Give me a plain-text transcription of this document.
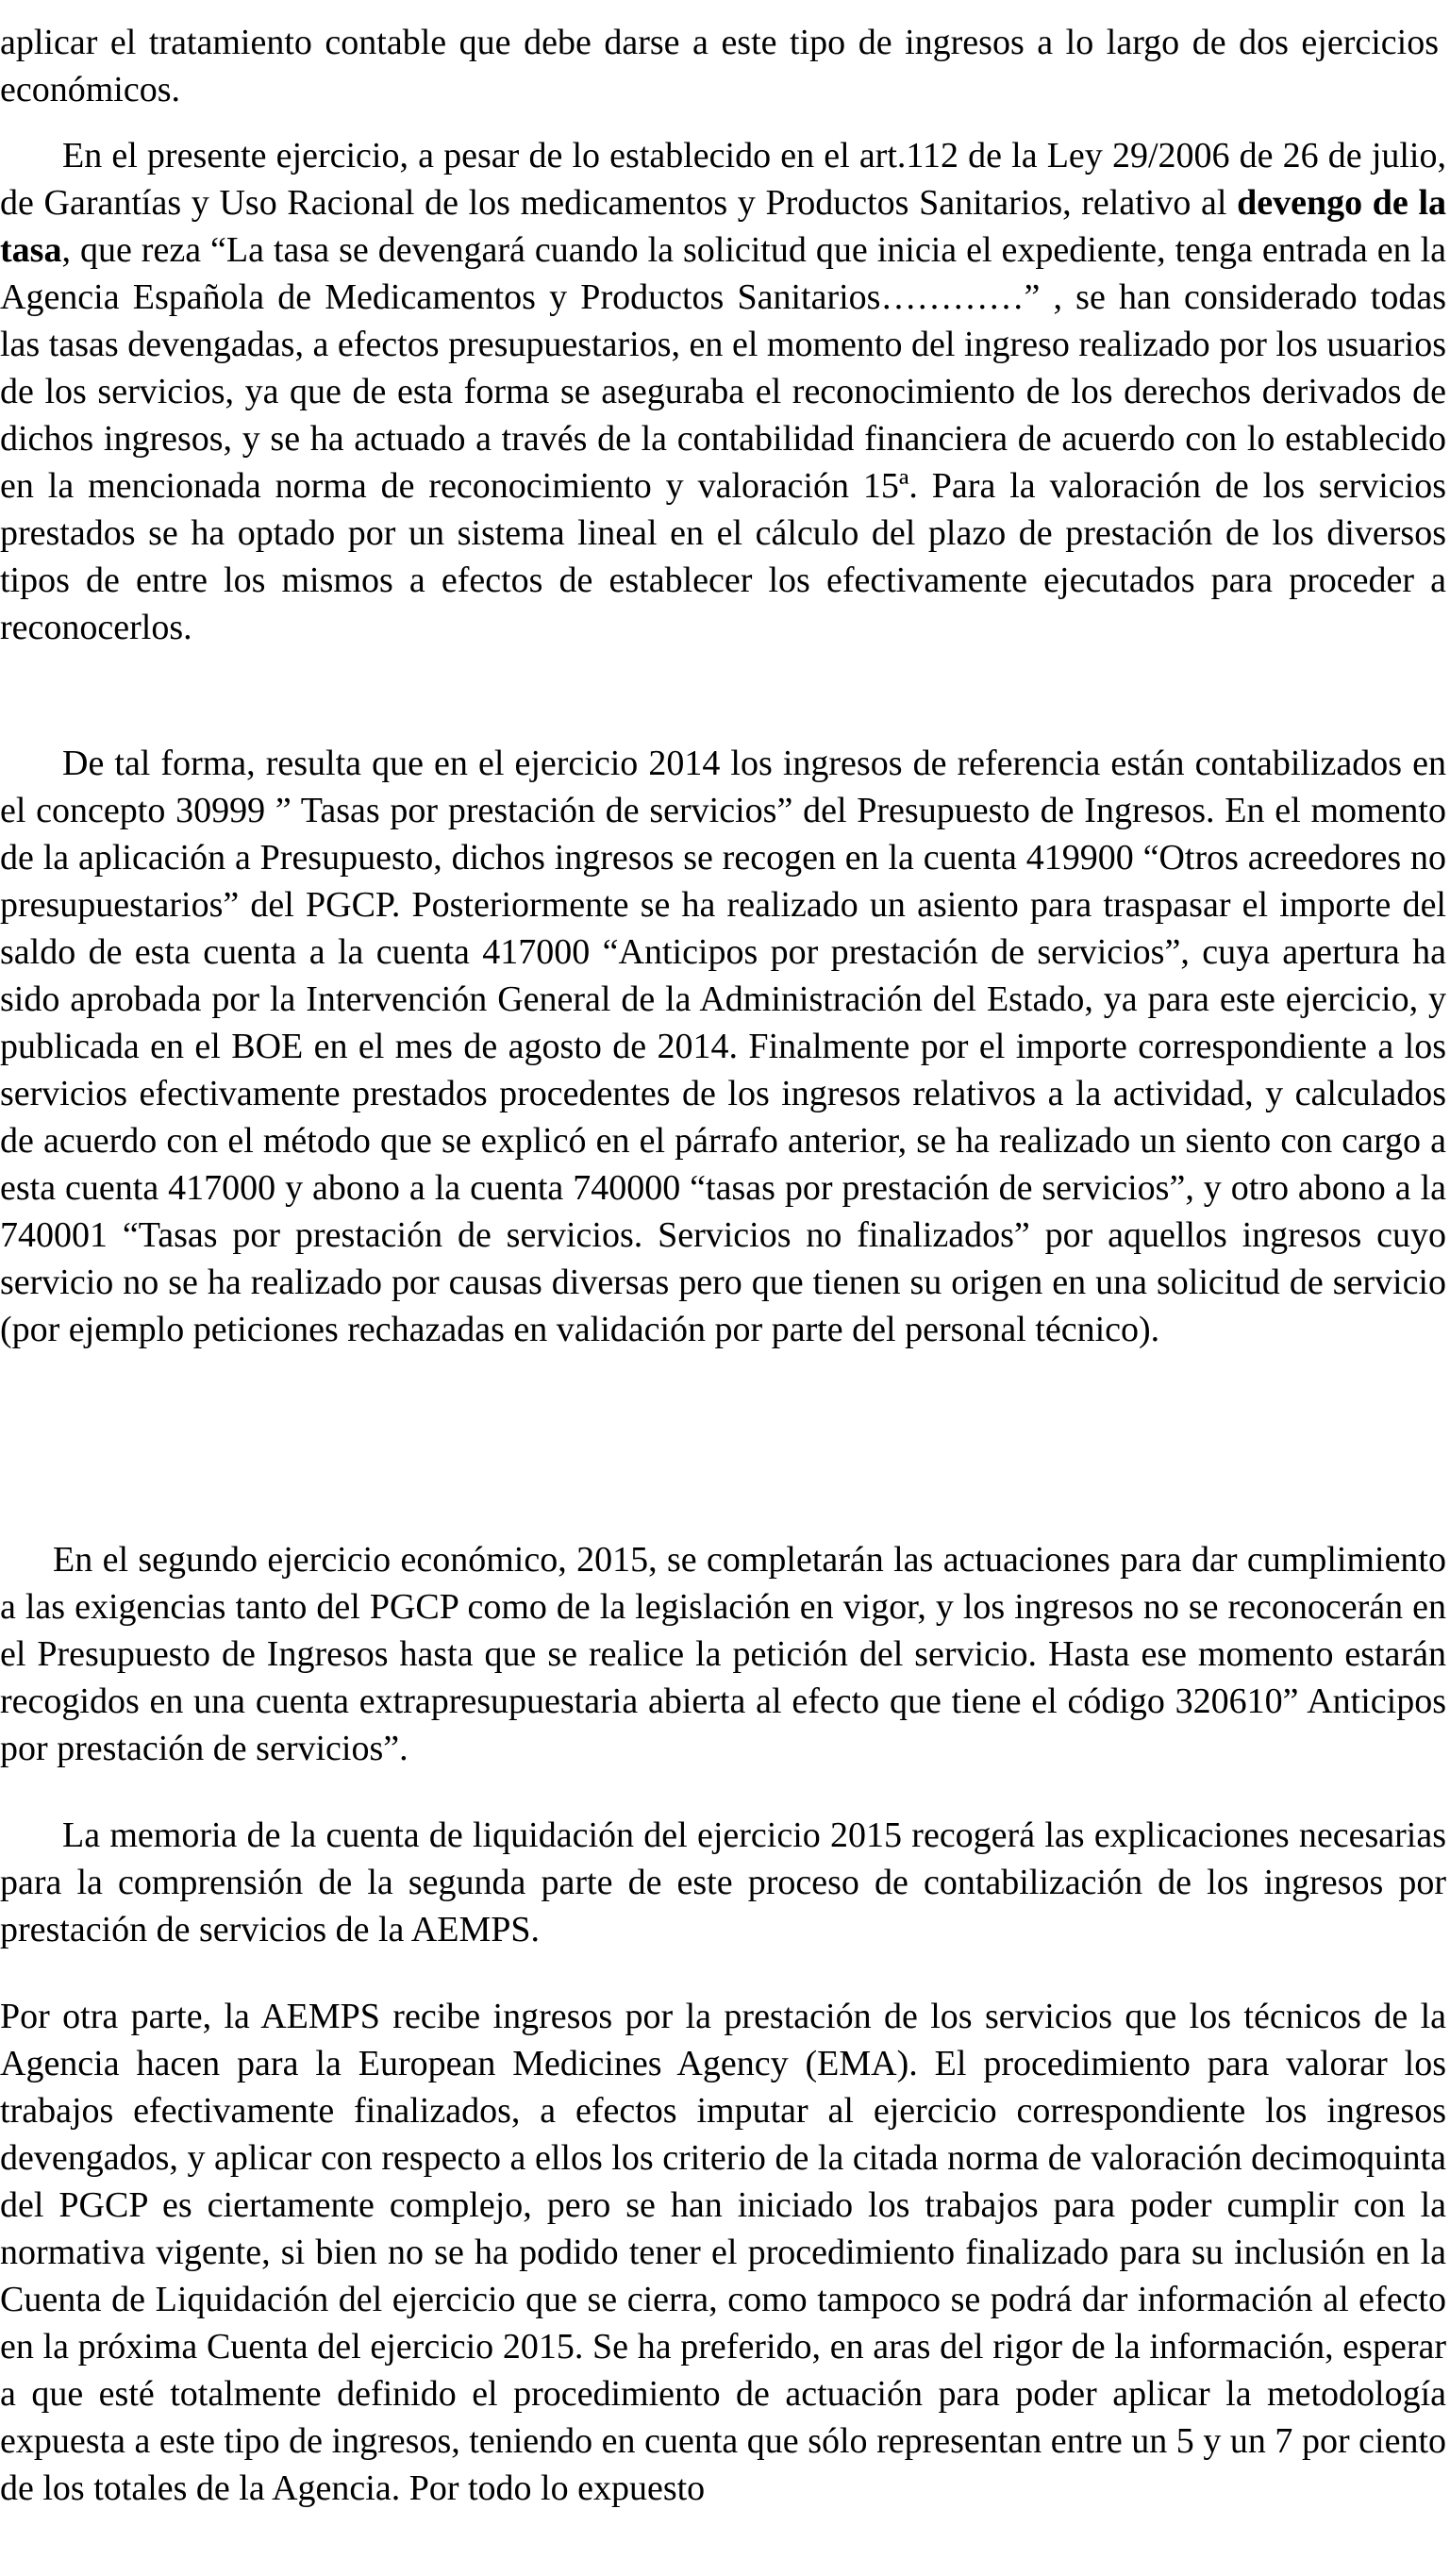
aplicar el tratamiento contable que debe darse a este tipo de ingresos a lo largo de dos ejercicios económicos.

En el presente ejercicio, a pesar de lo establecido en el art.112 de la Ley 29/2006 de 26 de julio, de Garantías y Uso Racional de los medicamentos y Productos Sanitarios, relativo al devengo de la tasa, que reza “La tasa se devengará cuando la solicitud que inicia el expediente, tenga entrada en la Agencia Española de Medicamentos y Productos Sanitarios…………” , se han considerado todas las tasas devengadas, a efectos presupuestarios, en el momento del ingreso realizado por los usuarios de los servicios, ya que de esta forma se aseguraba el reconocimiento de los derechos derivados de dichos ingresos, y se ha actuado a través de la contabilidad financiera de acuerdo con lo establecido en la mencionada norma de reconocimiento y valoración 15ª. Para la valoración de los servicios prestados se ha optado por un sistema lineal en el cálculo del plazo de prestación de los diversos tipos de entre los mismos a efectos de establecer los efectivamente ejecutados para proceder a reconocerlos.

De tal forma, resulta que en el ejercicio 2014 los ingresos de referencia están contabilizados en el concepto 30999 ” Tasas por prestación de servicios” del Presupuesto de Ingresos. En el momento de la aplicación a Presupuesto, dichos ingresos se recogen en la cuenta 419900 “Otros acreedores no presupuestarios” del PGCP. Posteriormente se ha realizado un asiento para traspasar el importe del saldo de esta cuenta a la cuenta 417000 “Anticipos por prestación de servicios”, cuya apertura ha sido aprobada por la Intervención General de la Administración del Estado, ya para este ejercicio, y publicada en el BOE en el mes de agosto de 2014. Finalmente por el importe correspondiente a los servicios efectivamente prestados procedentes de los ingresos relativos a la actividad, y calculados de acuerdo con el método que se explicó en el párrafo anterior, se ha realizado un siento con cargo a esta cuenta 417000 y abono a la cuenta 740000 “tasas por prestación de servicios”, y otro abono a la 740001 “Tasas por prestación de servicios. Servicios no finalizados” por aquellos ingresos cuyo servicio no se ha realizado por causas diversas pero que tienen su origen en una solicitud de servicio (por ejemplo peticiones rechazadas en validación por parte del personal técnico).

En el segundo ejercicio económico, 2015, se completarán las actuaciones para dar cumplimiento a las exigencias tanto del PGCP como de la legislación en vigor, y los ingresos no se reconocerán en el Presupuesto de Ingresos hasta que se realice la petición del servicio. Hasta ese momento estarán recogidos en una cuenta extrapresupuestaria abierta al efecto que tiene el código 320610” Anticipos por prestación de servicios”.

La memoria de la cuenta de liquidación del ejercicio 2015 recogerá las explicaciones necesarias para la comprensión de la segunda parte de este proceso de contabilización de los ingresos por prestación de servicios de la AEMPS.

Por otra parte, la AEMPS recibe ingresos por la prestación de los servicios que los técnicos de la Agencia hacen para la European Medicines Agency (EMA). El procedimiento para valorar los trabajos efectivamente finalizados, a efectos imputar al ejercicio correspondiente los ingresos devengados, y aplicar con respecto a ellos los criterio de la citada norma de valoración decimoquinta del PGCP es ciertamente complejo, pero se han iniciado los trabajos para poder cumplir con la normativa vigente, si bien no se ha podido tener el procedimiento finalizado para su inclusión en la Cuenta de Liquidación del ejercicio que se cierra, como tampoco se podrá dar información al efecto en la próxima Cuenta del ejercicio 2015. Se ha preferido, en aras del rigor de la información, esperar a que esté totalmente definido el procedimiento de actuación para poder aplicar la metodología expuesta a este tipo de ingresos, teniendo en cuenta que sólo representan entre un 5 y un 7 por ciento de los totales de la Agencia. Por todo lo expuesto
